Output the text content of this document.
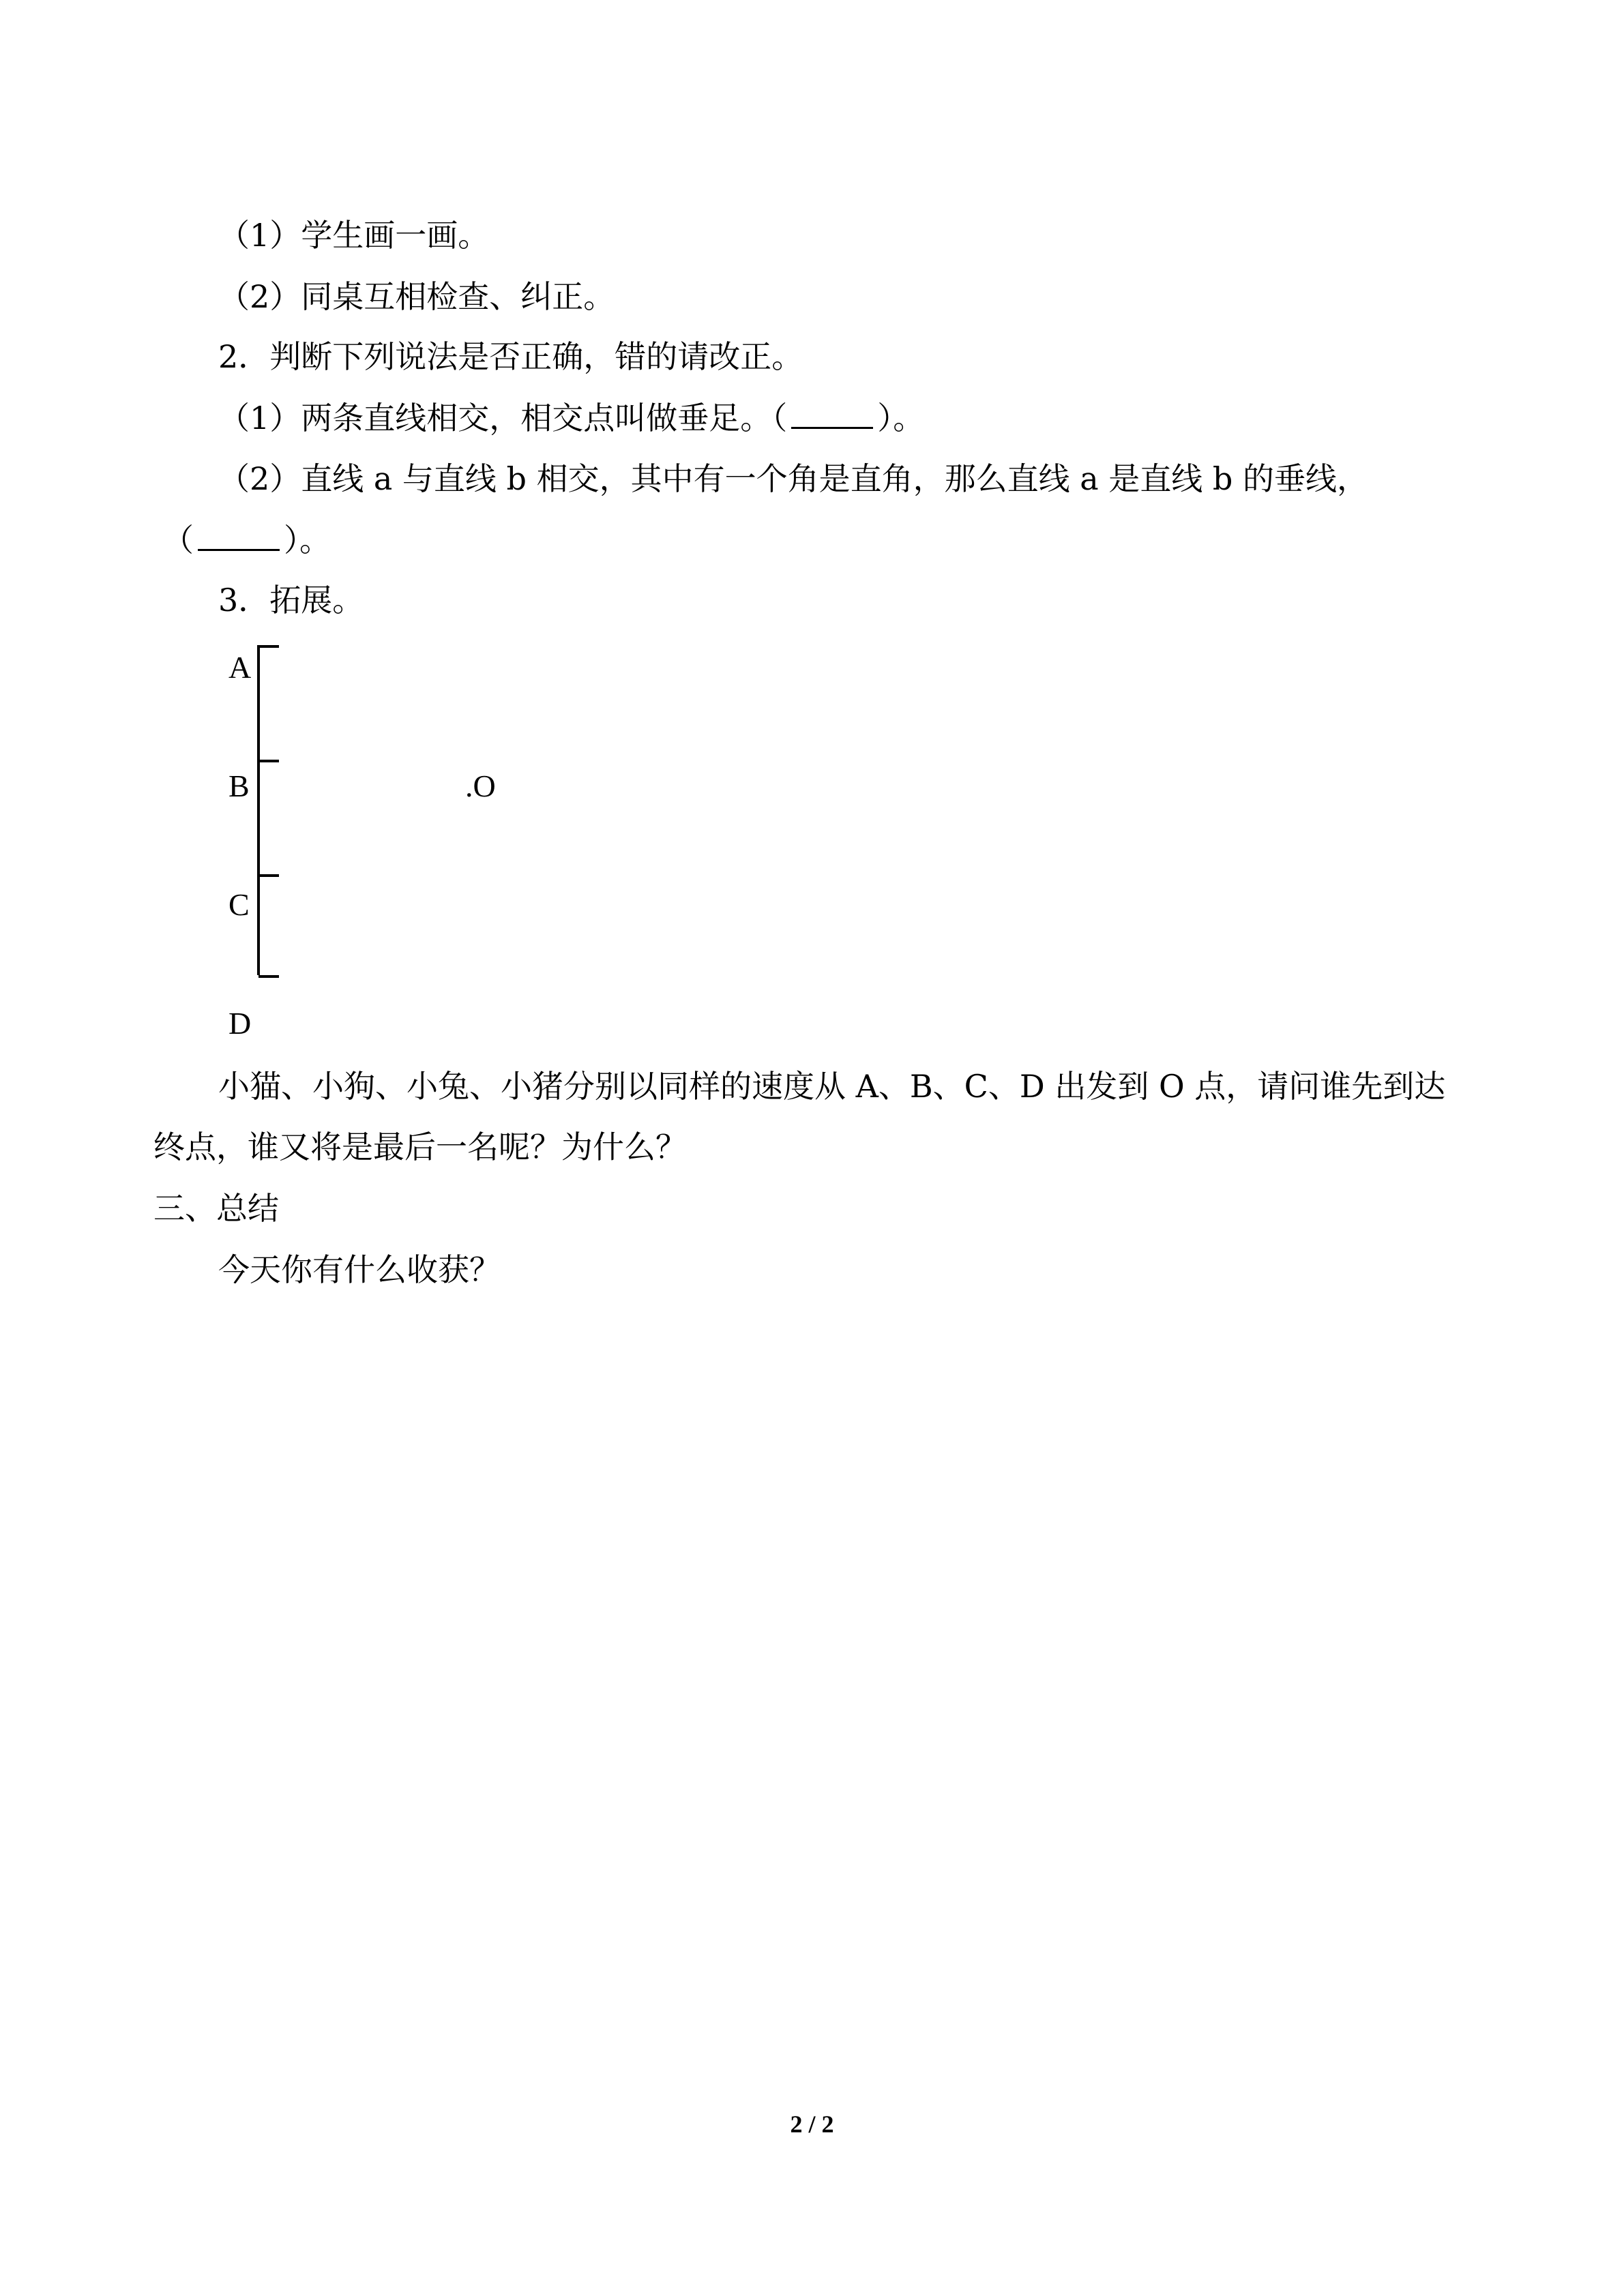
（1）学生画一画。
（2）同桌互相检查、纠正。
2．判断下列说法是否正确，错的请改正。
（1）两条直线相交，相交点叫做垂足。（	）。
（2）直线 a 与直线 b 相交，其中有一个角是直角，那么直线 a 是直线 b 的垂线，
（	）。
3．拓展。
A
B
C
D
.O
小猫、小狗、小兔、小猪分别以同样的速度从 A、B、C、D 出发到 O 点，请问谁先到达
终点，谁又将是最后一名呢？为什么？
三、总结
今天你有什么收获？
2 / 2
